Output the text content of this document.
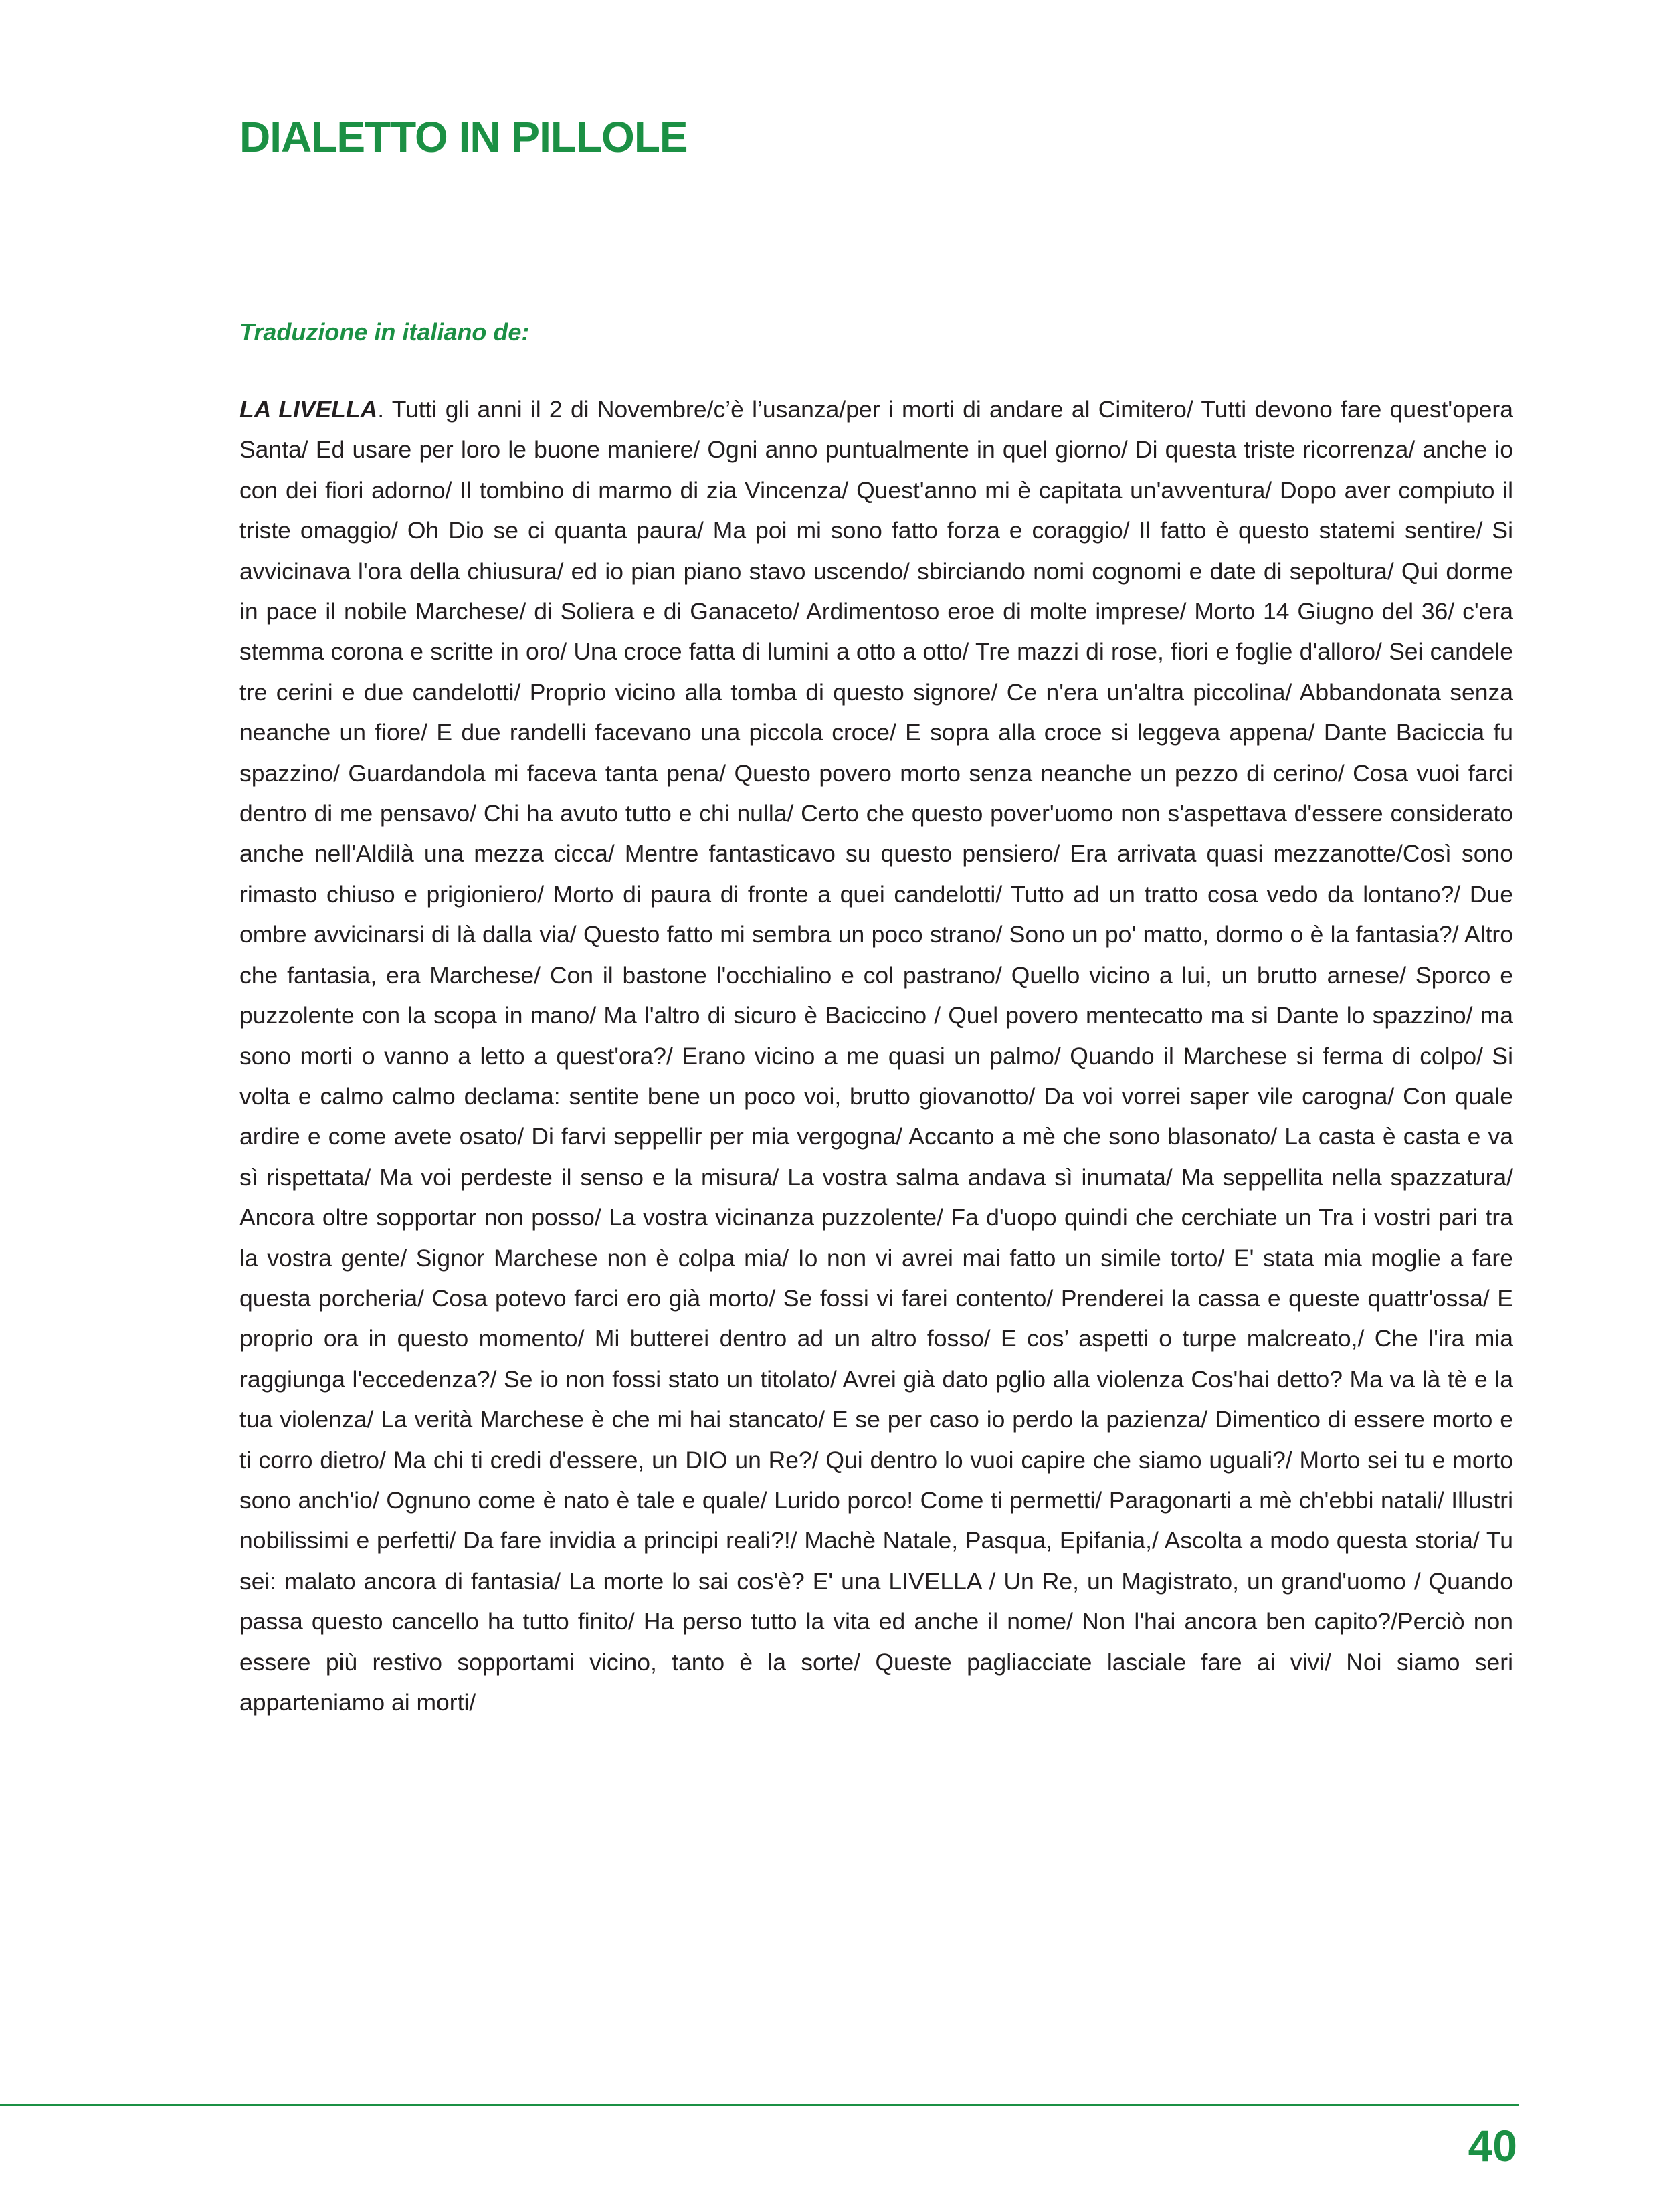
DIALETTO IN PILLOLE
Traduzione in italiano de:

LA LIVELLA. Tutti gli anni il 2 di Novembre/c’è l’usanza/per i morti di andare al Cimitero/ Tutti devono fare quest'opera Santa/ Ed usare per loro le buone maniere/ Ogni anno puntualmente in quel giorno/ Di questa triste ricorrenza/ anche io con dei fiori adorno/ Il tombino di marmo di zia Vincenza/ Quest'anno mi è capitata un'avventura/ Dopo aver compiuto il triste omaggio/ Oh Dio se ci quanta paura/ Ma poi mi sono fatto forza e coraggio/ Il fatto è questo statemi sentire/ Si avvicinava l'ora della chiusura/ ed io pian piano stavo uscendo/ sbirciando nomi cognomi e date di sepoltura/ Qui dorme in pace il nobile Marchese/ di Soliera e di Ganaceto/ Ardimentoso eroe di molte imprese/ Morto 14 Giugno del 36/ c'era stemma corona e scritte in oro/ Una croce fatta di lumini a otto a otto/ Tre mazzi di rose, fiori e foglie d'alloro/ Sei candele tre cerini e due candelotti/ Proprio vicino alla tomba di questo signore/ Ce n'era un'altra piccolina/ Abbandonata senza neanche un fiore/ E due randelli facevano una piccola croce/ E sopra alla croce si leggeva appena/ Dante Baciccia fu spazzino/ Guardandola mi faceva tanta pena/ Questo povero morto senza neanche un pezzo di cerino/ Cosa vuoi farci dentro di me pensavo/ Chi ha avuto tutto e chi nulla/ Certo che questo pover'uomo non s'aspettava d'essere considerato anche nell'Aldilà una mezza cicca/ Mentre fantasticavo su questo pensiero/ Era arrivata quasi mezzanotte/Così sono rimasto chiuso e prigioniero/ Morto di paura di fronte a quei candelotti/ Tutto ad un tratto cosa vedo da lontano?/ Due ombre avvicinarsi di là dalla via/ Questo fatto mi sembra un poco strano/ Sono un po' matto, dormo o è la fantasia?/ Altro che fantasia, era Marchese/ Con il bastone l'occhialino e col pastrano/ Quello vicino a lui, un brutto arnese/ Sporco e puzzolente con la scopa in mano/ Ma l'altro di sicuro è Baciccino / Quel povero mentecatto ma si Dante lo spazzino/ ma sono morti o vanno a letto a quest'ora?/ Erano vicino a me quasi un palmo/ Quando il Marchese si ferma di colpo/ Si volta e calmo calmo declama: sentite bene un poco voi, brutto giovanotto/ Da voi vorrei saper vile carogna/ Con quale ardire e come avete osato/ Di farvi seppellir per mia vergogna/ Accanto a mè che sono blasonato/ La casta è casta e va sì rispettata/ Ma voi perdeste il senso e la misura/ La vostra salma andava sì inumata/ Ma seppellita nella spazzatura/ Ancora oltre sopportar non posso/ La vostra vicinanza puzzolente/ Fa d'uopo quindi che cerchiate un Tra i vostri pari tra la vostra gente/ Signor Marchese non è colpa mia/ Io non vi avrei mai fatto un simile torto/ E' stata mia moglie a fare questa porcheria/ Cosa potevo farci ero già morto/ Se fossi vi farei contento/ Prenderei la cassa e queste quattr'ossa/ E proprio ora in questo momento/ Mi butterei dentro ad un altro fosso/ E cos’ aspetti o turpe malcreato,/ Che l'ira mia raggiunga l'eccedenza?/ Se io non fossi stato un titolato/ Avrei già dato pglio alla violenza Cos'hai detto? Ma va là tè e la tua violenza/ La verità Marchese è che mi hai stancato/ E se per caso io perdo la pazienza/ Dimentico di essere morto e ti corro dietro/ Ma chi ti credi d'essere, un DIO un Re?/ Qui dentro lo vuoi capire che siamo uguali?/ Morto sei tu e morto sono anch'io/ Ognuno come è nato è tale e quale/ Lurido porco! Come ti permetti/ Paragonarti a mè ch'ebbi natali/ Illustri nobilissimi e perfetti/ Da fare invidia a principi reali?!/ Machè Natale, Pasqua, Epifania,/ Ascolta a modo questa storia/ Tu sei: malato ancora di fantasia/ La morte lo sai cos'è? E' una LIVELLA / Un Re, un Magistrato, un grand'uomo / Quando passa questo cancello ha tutto finito/ Ha perso tutto la vita ed anche il nome/ Non l'hai ancora ben capito?/Perciò non essere più restivo sopportami vicino, tanto è la sorte/ Queste pagliacciate lasciale fare ai vivi/ Noi siamo seri apparteniamo ai morti/

40
